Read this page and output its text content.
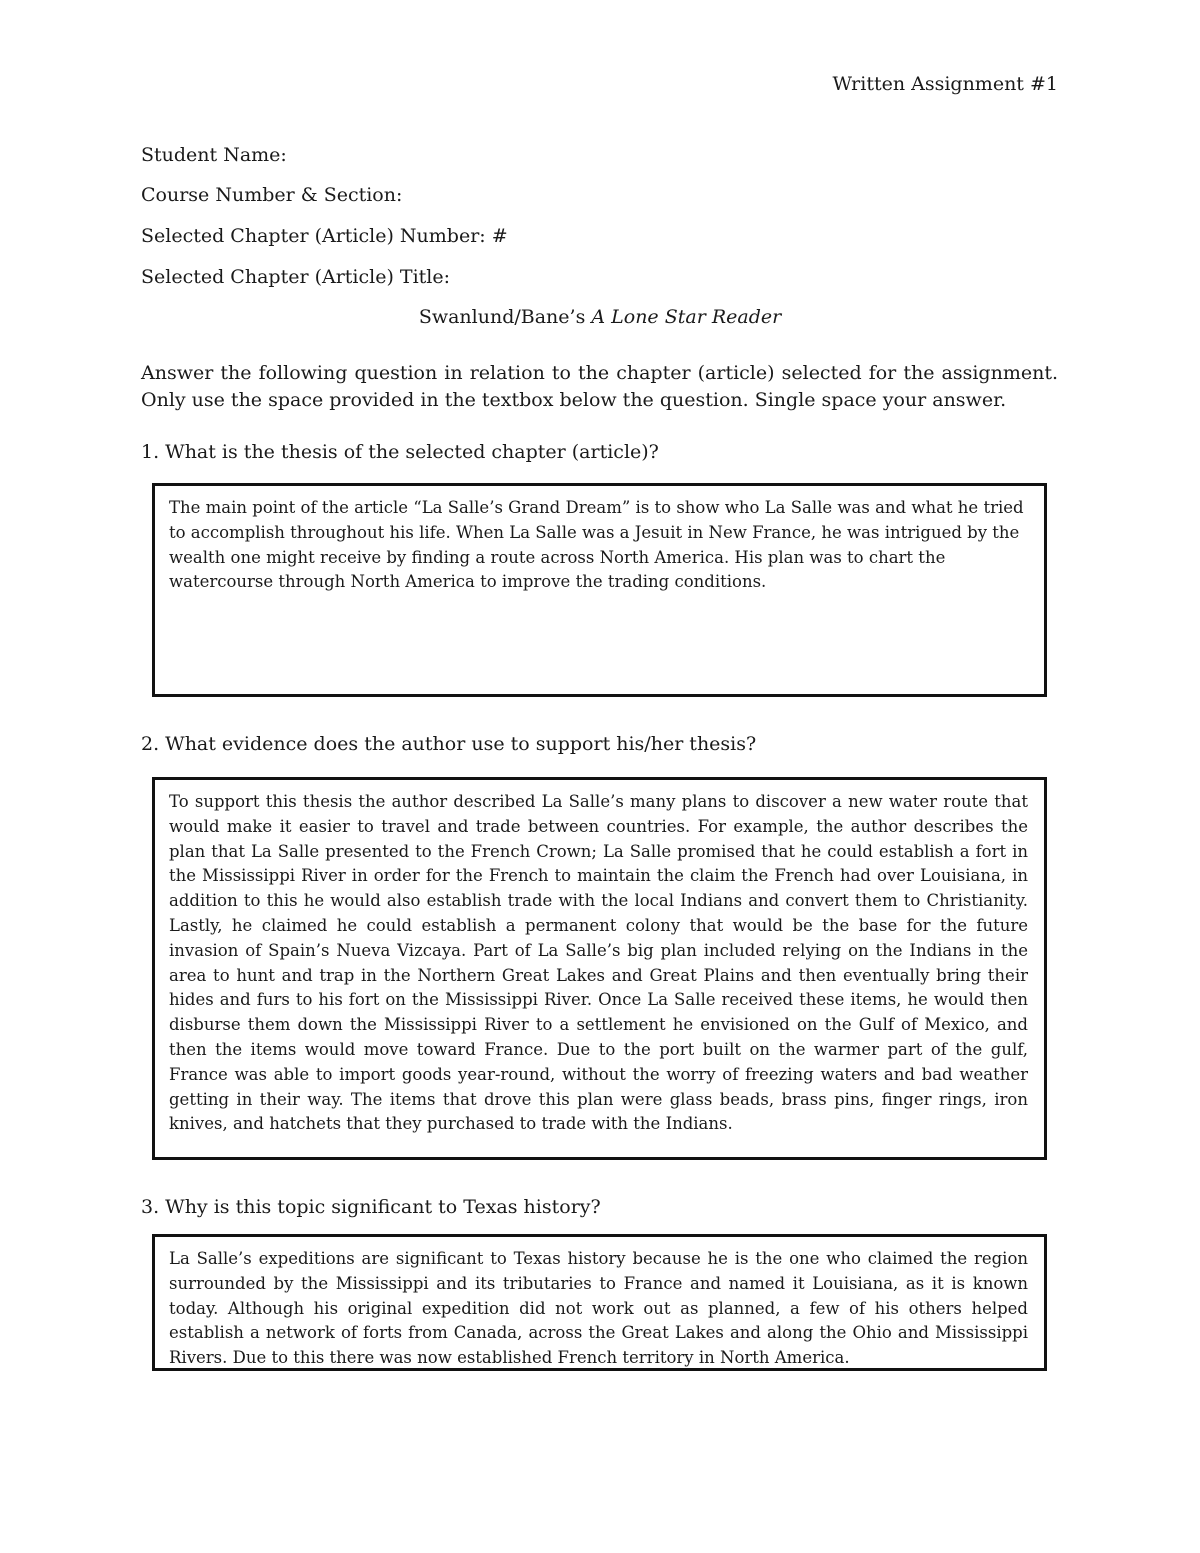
Written Assignment #1
Student Name:
Course Number & Section:
Selected Chapter (Article) Number: #
Selected Chapter (Article) Title:
Swanlund/Bane’s A Lone Star Reader
Answer the following question in relation to the chapter (article) selected for the assignment. Only use the space provided in the textbox below the question. Single space your answer.
1. What is the thesis of the selected chapter (article)?
The main point of the article “La Salle’s Grand Dream” is to show who La Salle was and what he tried to accomplish throughout his life. When La Salle was a Jesuit in New France, he was intrigued by the wealth one might receive by finding a route across North America. His plan was to chart the watercourse through North America to improve the trading conditions.
2. What evidence does the author use to support his/her thesis?
To support this thesis the author described La Salle’s many plans to discover a new water route that would make it easier to travel and trade between countries. For example, the author describes the plan that La Salle presented to the French Crown; La Salle promised that he could establish a fort in the Mississippi River in order for the French to maintain the claim the French had over Louisiana, in addition to this he would also establish trade with the local Indians and convert them to Christianity. Lastly, he claimed he could establish a permanent colony that would be the base for the future invasion of Spain’s Nueva Vizcaya. Part of La Salle’s big plan included relying on the Indians in the area to hunt and trap in the Northern Great Lakes and Great Plains and then eventually bring their hides and furs to his fort on the Mississippi River. Once La Salle received these items, he would then disburse them down the Mississippi River to a settlement he envisioned on the Gulf of Mexico, and then the items would move toward France. Due to the port built on the warmer part of the gulf, France was able to import goods year-round, without the worry of freezing waters and bad weather getting in their way. The items that drove this plan were glass beads, brass pins, finger rings, iron knives, and hatchets that they purchased to trade with the Indians.
3. Why is this topic significant to Texas history?
La Salle’s expeditions are significant to Texas history because he is the one who claimed the region surrounded by the Mississippi and its tributaries to France and named it Louisiana, as it is known today. Although his original expedition did not work out as planned, a few of his others helped establish a network of forts from Canada, across the Great Lakes and along the Ohio and Mississippi Rivers. Due to this there was now established French territory in North America.
